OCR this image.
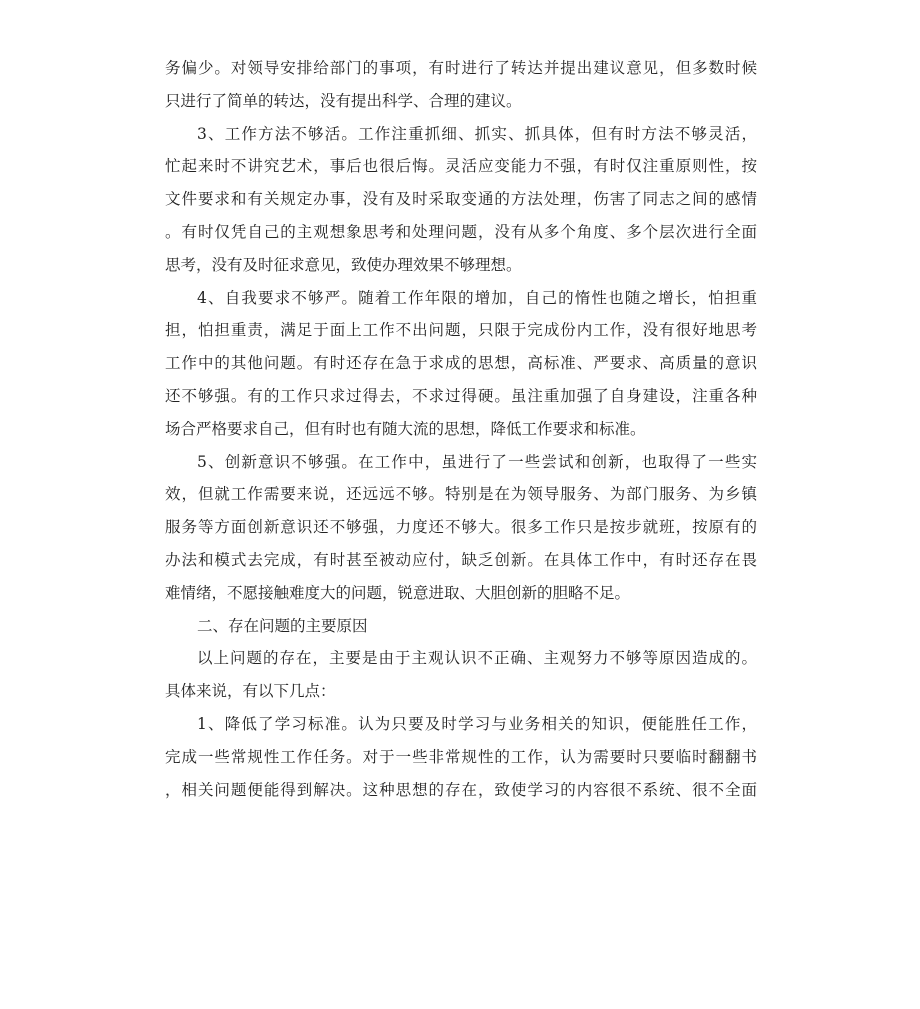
务偏少。对领导安排给部门的事项，有时进行了转达并提出建议意见，但多数时候
只进行了简单的转达，没有提出科学、合理的建议。
3、工作方法不够活。工作注重抓细、抓实、抓具体，但有时方法不够灵活，
忙起来时不讲究艺术，事后也很后悔。灵活应变能力不强，有时仅注重原则性，按
文件要求和有关规定办事，没有及时采取变通的方法处理，伤害了同志之间的感情
。有时仅凭自己的主观想象思考和处理问题，没有从多个角度、多个层次进行全面
思考，没有及时征求意见，致使办理效果不够理想。
4、自我要求不够严。随着工作年限的增加，自己的惰性也随之增长，怕担重
担，怕担重责，满足于面上工作不出问题，只限于完成份内工作，没有很好地思考
工作中的其他问题。有时还存在急于求成的思想，高标准、严要求、高质量的意识
还不够强。有的工作只求过得去，不求过得硬。虽注重加强了自身建设，注重各种
场合严格要求自己，但有时也有随大流的思想，降低工作要求和标准。
5、创新意识不够强。在工作中，虽进行了一些尝试和创新，也取得了一些实
效，但就工作需要来说，还远远不够。特别是在为领导服务、为部门服务、为乡镇
服务等方面创新意识还不够强，力度还不够大。很多工作只是按步就班，按原有的
办法和模式去完成，有时甚至被动应付，缺乏创新。在具体工作中，有时还存在畏
难情绪，不愿接触难度大的问题，锐意进取、大胆创新的胆略不足。
二、存在问题的主要原因
以上问题的存在，主要是由于主观认识不正确、主观努力不够等原因造成的。
具体来说，有以下几点：
1、降低了学习标准。认为只要及时学习与业务相关的知识，便能胜任工作，
完成一些常规性工作任务。对于一些非常规性的工作，认为需要时只要临时翻翻书
，相关问题便能得到解决。这种思想的存在，致使学习的内容很不系统、很不全面
